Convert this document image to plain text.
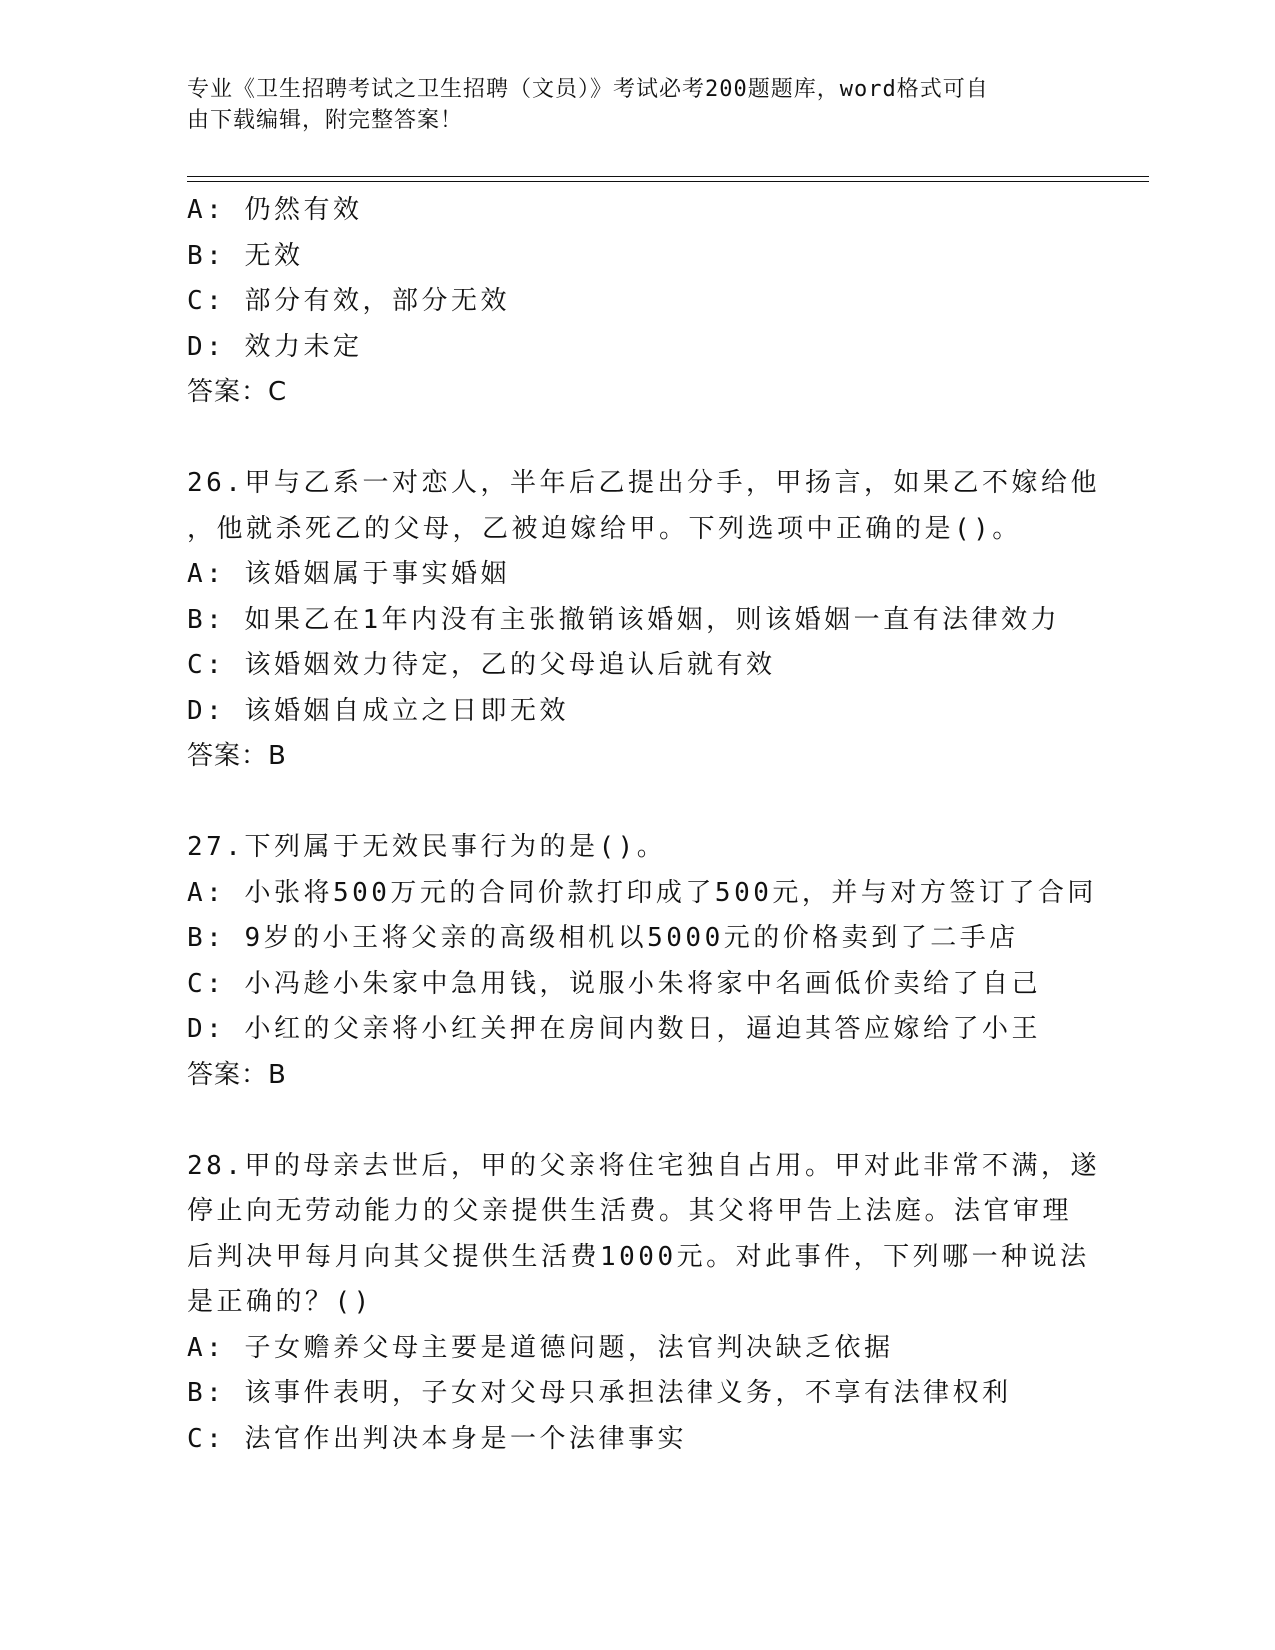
专业《卫生招聘考试之卫生招聘（文员）》考试必考200题题库，word格式可自
由下载编辑，附完整答案！
A: 仍然有效
B: 无效
C: 部分有效，部分无效
D: 效力未定
答案：C
26.甲与乙系一对恋人，半年后乙提出分手，甲扬言，如果乙不嫁给他
，他就杀死乙的父母，乙被迫嫁给甲。下列选项中正确的是()。
A: 该婚姻属于事实婚姻
B: 如果乙在1年内没有主张撤销该婚姻，则该婚姻一直有法律效力
C: 该婚姻效力待定，乙的父母追认后就有效
D: 该婚姻自成立之日即无效
答案：B
27.下列属于无效民事行为的是()。
A: 小张将500万元的合同价款打印成了500元，并与对方签订了合同
B: 9岁的小王将父亲的高级相机以5000元的价格卖到了二手店
C: 小冯趁小朱家中急用钱，说服小朱将家中名画低价卖给了自己
D: 小红的父亲将小红关押在房间内数日，逼迫其答应嫁给了小王
答案：B
28.甲的母亲去世后，甲的父亲将住宅独自占用。甲对此非常不满，遂
停止向无劳动能力的父亲提供生活费。其父将甲告上法庭。法官审理
后判决甲每月向其父提供生活费1000元。对此事件，下列哪一种说法
是正确的？()
A: 子女赡养父母主要是道德问题，法官判决缺乏依据
B: 该事件表明，子女对父母只承担法律义务，不享有法律权利
C: 法官作出判决本身是一个法律事实
